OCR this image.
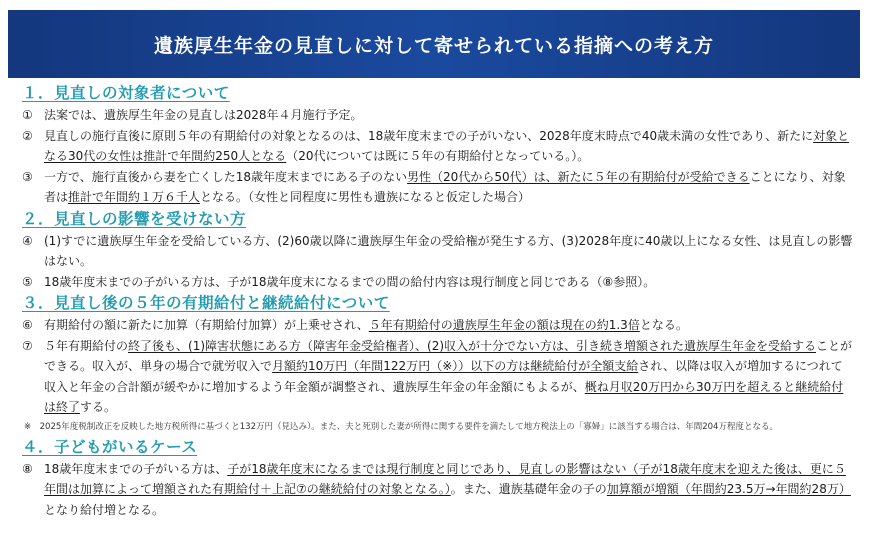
遺族厚生年金の見直しに対して寄せられている指摘への考え方
１．見直しの対象者について
① 法案では、遺族厚生年金の見直しは2028年４月施行予定。
② 見直しの施行直後に原則５年の有期給付の対象となるのは、18歳年度末までの子がいない、2028年度末時点で40歳未満の女性であり、新たに対象となる30代の女性は推計で年間約250人となる（20代については既に５年の有期給付となっている。）。
③ 一方で、施行直後から妻を亡くした18歳年度末までにある子のない男性（20代から50代）は、新たに５年の有期給付が受給できることになり、対象者は推計で年間約１万６千人となる。（女性と同程度に男性も遺族になると仮定した場合）
２．見直しの影響を受けない方
④ (1)すでに遺族厚生年金を受給している方、(2)60歳以降に遺族厚生年金の受給権が発生する方、(3)2028年度に40歳以上になる女性、は見直しの影響はない。
⑤ 18歳年度末までの子がいる方は、子が18歳年度末になるまでの間の給付内容は現行制度と同じである（⑧参照）。
３．見直し後の５年の有期給付と継続給付について
⑥ 有期給付の額に新たに加算（有期給付加算）が上乗せされ、５年有期給付の遺族厚生年金の額は現在の約1.3倍となる。
⑦ ５年有期給付の終了後も、(1)障害状態にある方（障害年金受給権者）、(2)収入が十分でない方は、引き続き増額された遺族厚生年金を受給することができる。収入が、単身の場合で就労収入で月額約10万円（年間122万円（※））以下の方は継続給付が全額支給され、以降は収入が増加するにつれて収入と年金の合計額が緩やかに増加するよう年金額が調整され、遺族厚生年金の年金額にもよるが、概ね月収20万円から30万円を超えると継続給付は終了する。
※　2025年度税制改正を反映した地方税所得に基づくと132万円（見込み）。また、夫と死別した妻が所得に関する要件を満たして地方税法上の「寡婦」に該当する場合は、年間204万程度となる。
４．子どもがいるケース
⑧ 18歳年度末までの子がいる方は、子が18歳年度末になるまでは現行制度と同じであり、見直しの影響はない（子が18歳年度末を迎えた後は、更に５年間は加算によって増額された有期給付＋上記⑦の継続給付の対象となる。）。また、遺族基礎年金の子の加算額が増額（年間約23.5万→年間約28万）となり給付増となる。
